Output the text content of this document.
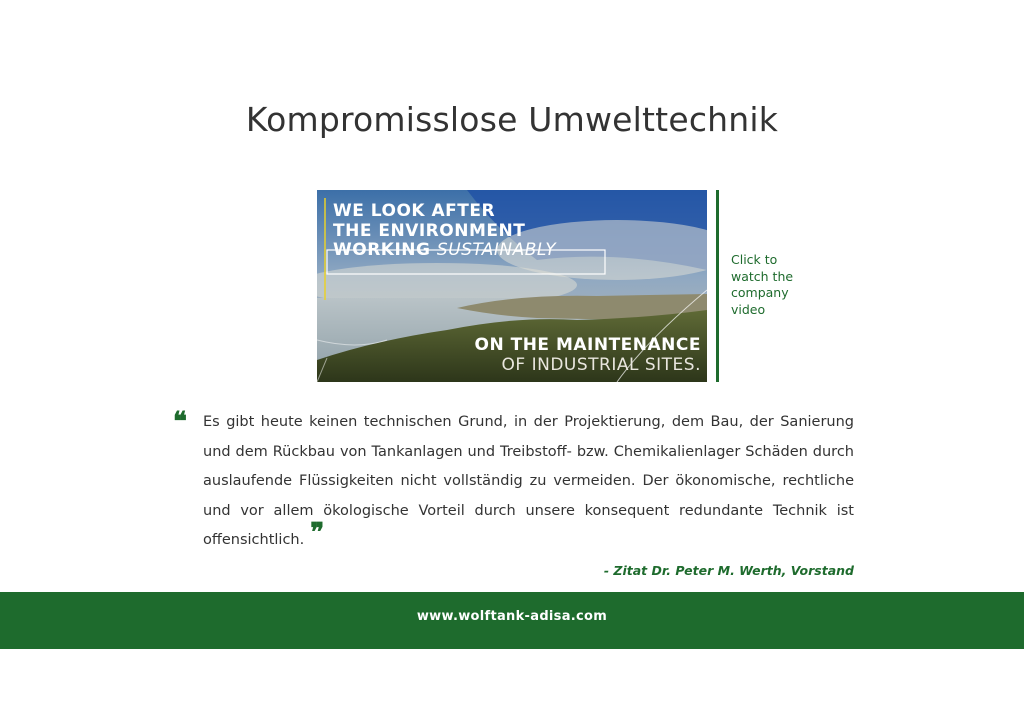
Kompromisslose Umwelttechnik
WE LOOK AFTER
THE ENVIRONMENT
WORKING SUSTAINABLY
ON THE MAINTENANCE
OF INDUSTRIAL SITES.
Click to watch the company video
❝ Es gibt heute keinen technischen Grund, in der Projektierung, dem Bau, der Sanierung und dem Rückbau von Tankanlagen und Treibstoff- bzw. Chemikalienlager Schäden durch auslaufende Flüssigkeiten nicht vollständig zu vermeiden. Der ökonomische, rechtliche und vor allem ökologische Vorteil durch unsere konsequent redundante Technik ist offensichtlich. ❞

- Zitat Dr. Peter M. Werth, Vorstand
www.wolftank-adisa.com
